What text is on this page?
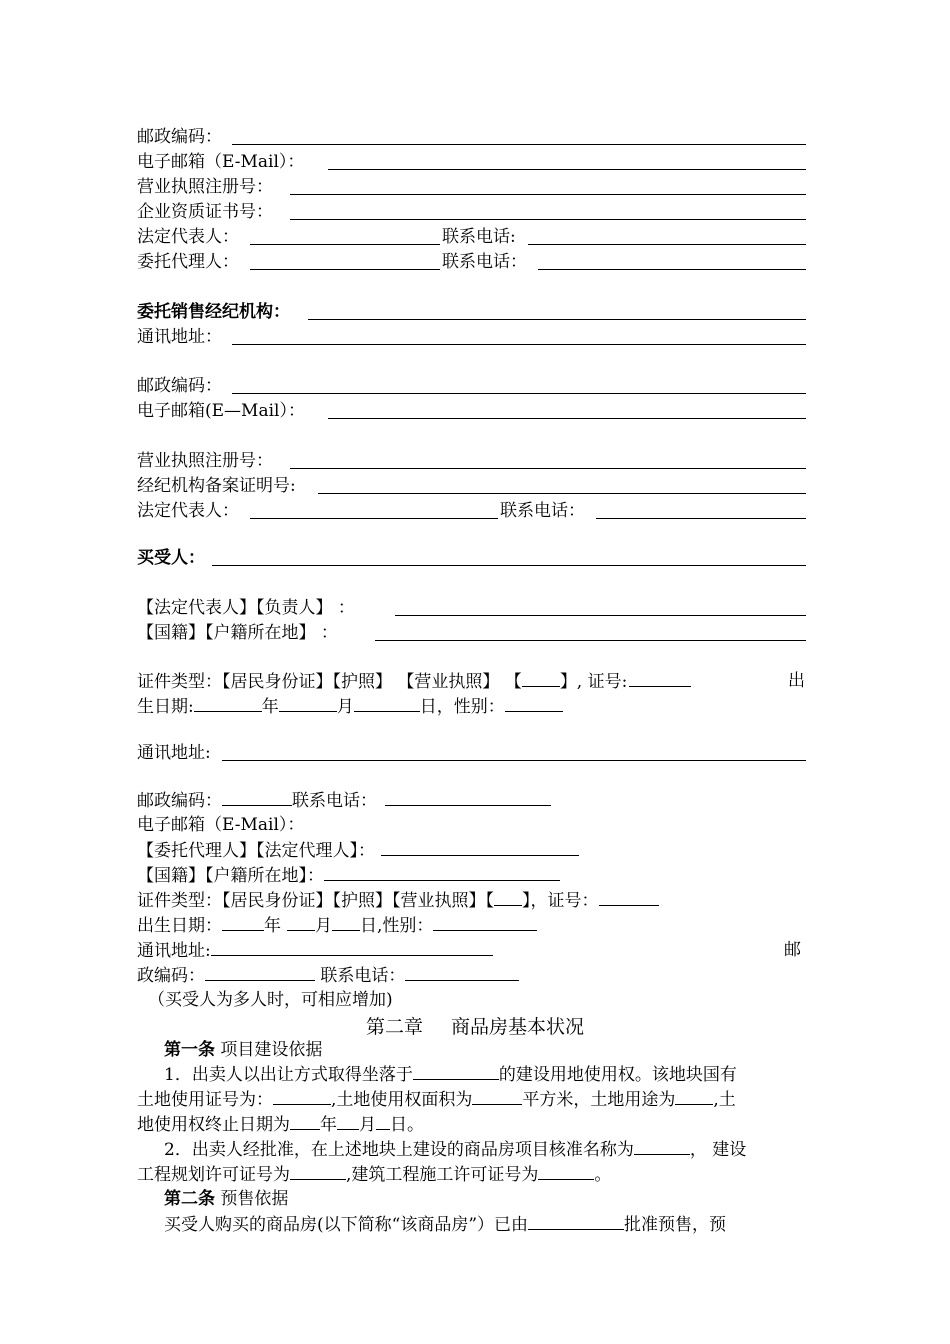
邮政编码：
电子邮箱（E-Mail）：
营业执照注册号：
企业资质证书号：
法定代表人：	联系电话:
委托代理人：	联系电话：
委托销售经纪机构：
通讯地址：
邮政编码：
电子邮箱(E—Mail）：
营业执照注册号：
经纪机构备案证明号:
法定代表人：	联系电话：
买受人：
【法定代表人】【负责人】 ：
【国籍】【户籍所在地】 ：
证件类型：【居民身份证】【护照】 【营业执照】 【 】, 证号:	出
生日期:	年	月	日，性别：
通讯地址:
邮政编码：	联系电话：
电子邮箱（E-Mail）：
【委托代理人】【法定代理人】：
【国籍】【户籍所在地】：
证件类型：【居民身份证】【护照】【营业执照】【 】，证号：
出生日期： 年 月 日,性别：
通讯地址:	邮
政编码：	联系电话：
（买受人为多人时，可相应增加)
第二章 商品房基本状况
第一条 项目建设依据
1．出卖人以出让方式取得坐落于	的建设用地使用权。该地块国有
土地使用证号为：	,土地使用权面积为	平方米，土地用途为 ,土
地使用权终止日期为 年 月 日。
2．出卖人经批准，在上述地块上建设的商品房项目核准名称为	， 建设
工程规划许可证号为	,建筑工程施工许可证号为	。
第二条 预售依据
买受人购买的商品房(以下简称“该商品房”）已由	批准预售，预
